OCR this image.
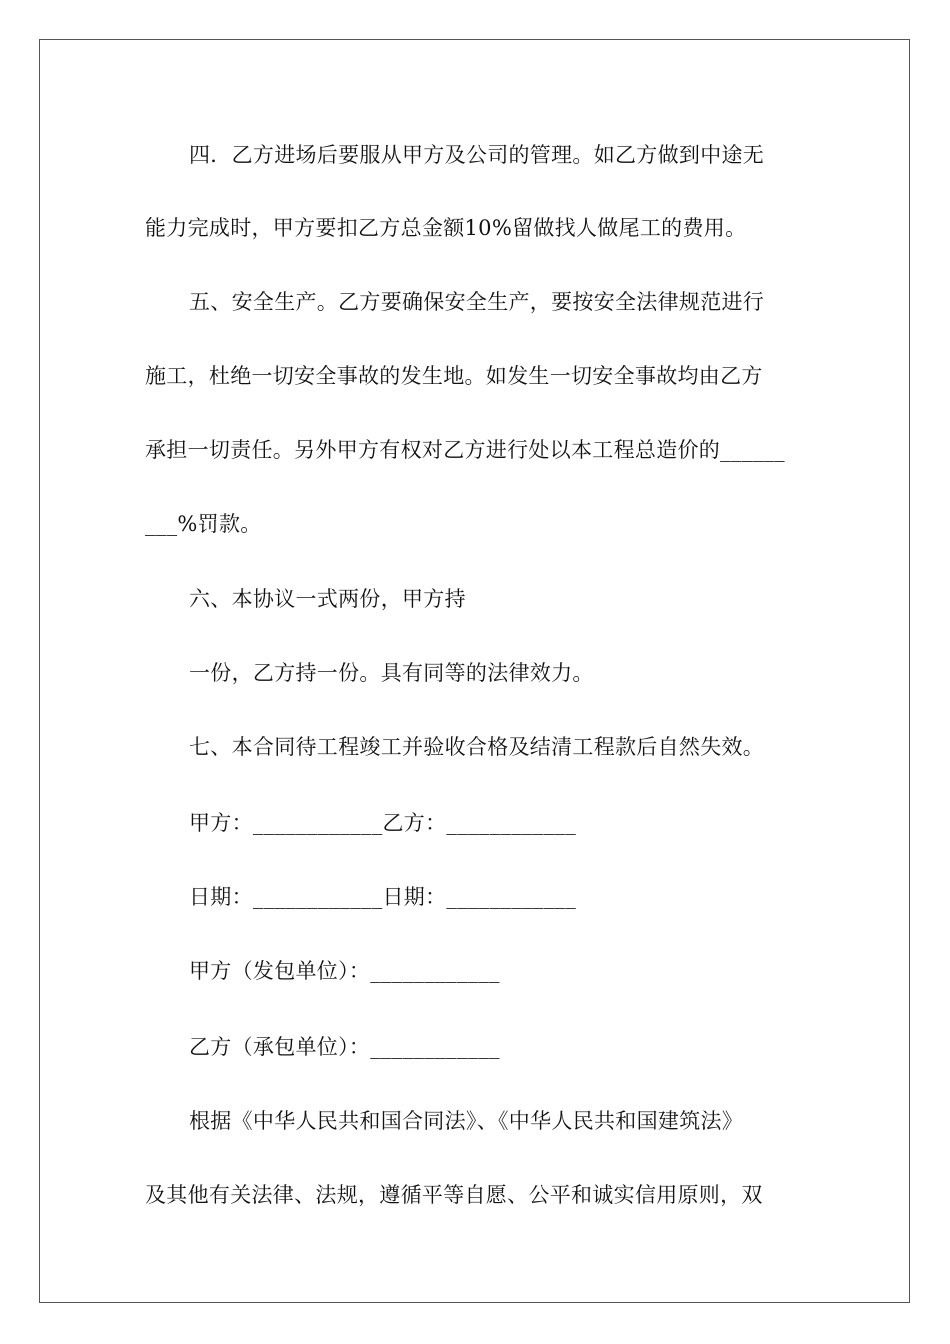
四．乙方进场后要服从甲方及公司的管理。如乙方做到中途无
能力完成时，甲方要扣乙方总金额10%留做找人做尾工的费用。
五、安全生产。乙方要确保安全生产，要按安全法律规范进行
施工，杜绝一切安全事故的发生地。如发生一切安全事故均由乙方
承担一切责任。另外甲方有权对乙方进行处以本工程总造价的______
___%罚款。
六、本协议一式两份，甲方持
一份，乙方持一份。具有同等的法律效力。
七、本合同待工程竣工并验收合格及结清工程款后自然失效。
甲方：____________乙方：____________
日期：____________日期：____________
甲方（发包单位）：____________
乙方（承包单位）：____________
根据《中华人民共和国合同法》、《中华人民共和国建筑法》
及其他有关法律、法规，遵循平等自愿、公平和诚实信用原则，双
